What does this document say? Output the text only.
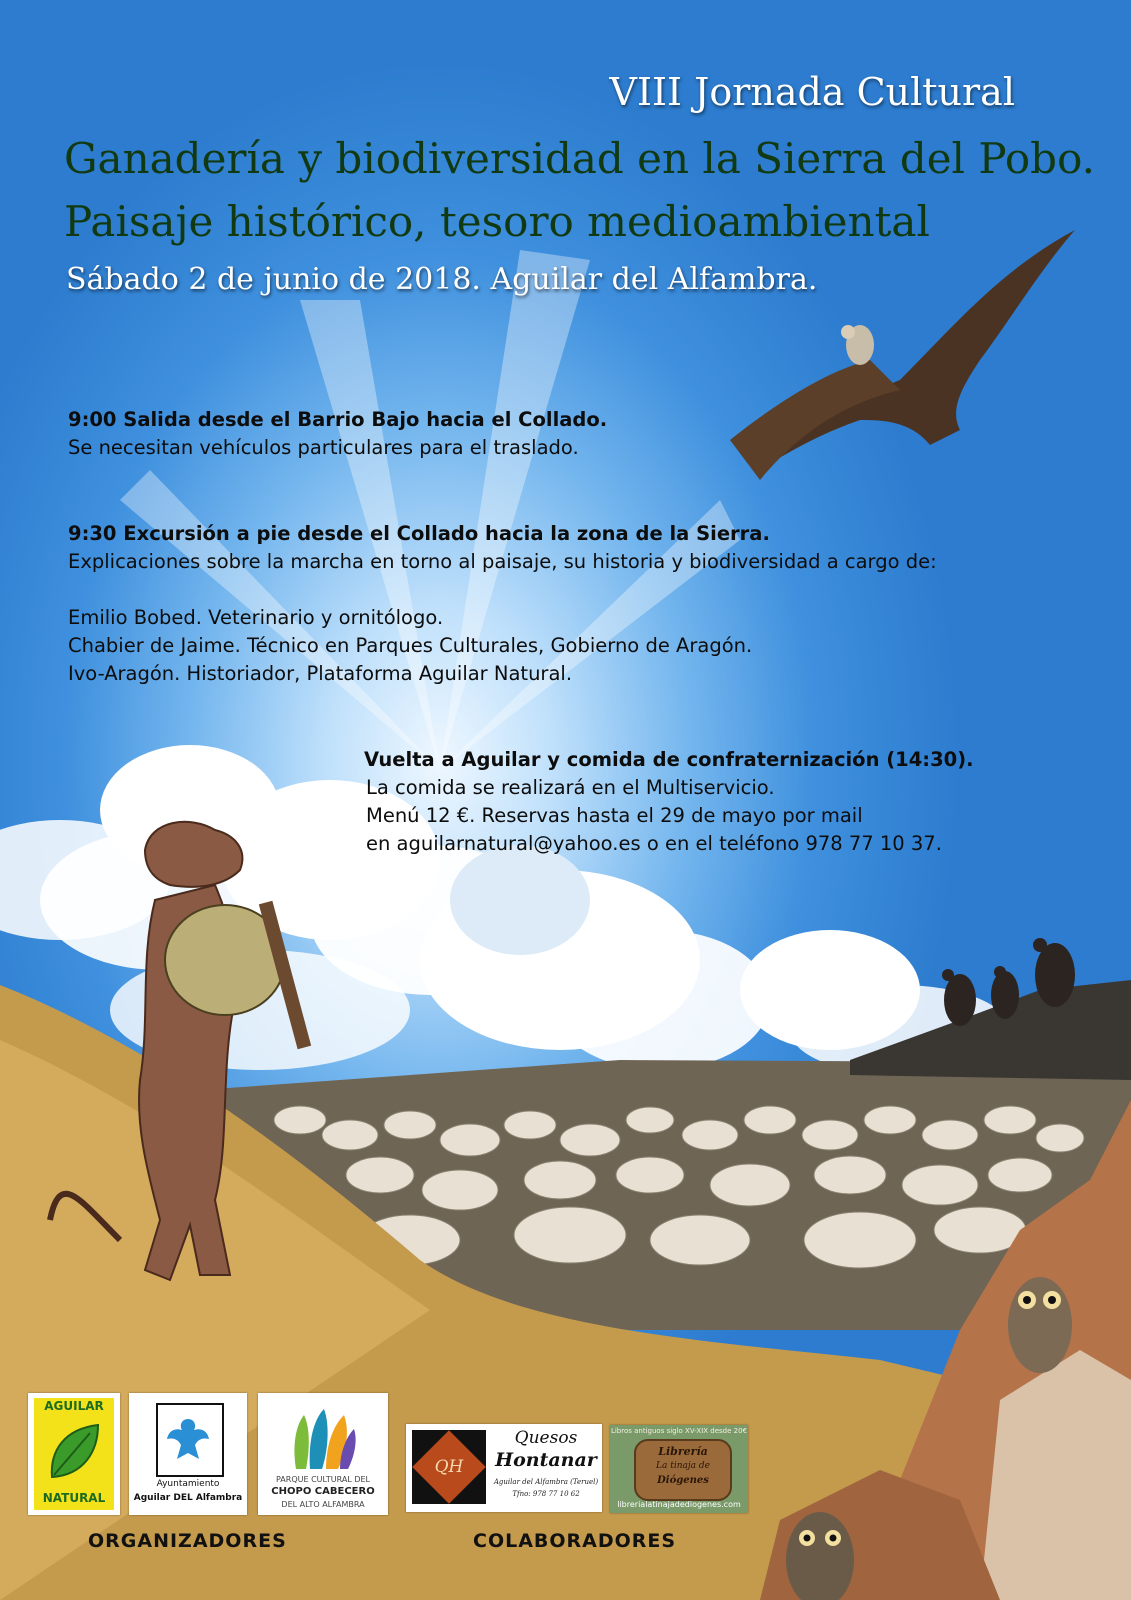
VIII Jornada Cultural

Ganadería y biodiversidad en la Sierra del Pobo.

Paisaje histórico, tesoro medioambiental

Sábado 2 de junio de 2018. Aguilar del Alfambra.

9:00 Salida desde el Barrio Bajo hacia el Collado.

Se necesitan vehículos particulares para el traslado.

9:30 Excursión a pie desde el Collado hacia la zona de la Sierra.

Explicaciones sobre la marcha en torno al paisaje, su historia y biodiversidad a cargo de:

Emilio Bobed. Veterinario y ornitólogo.

Chabier de Jaime. Técnico en Parques Culturales, Gobierno de Aragón.

Ivo-Aragón. Historiador, Plataforma Aguilar Natural.

Vuelta a Aguilar y comida de confraternización (14:30).

La comida se realizará en el Multiservicio.

Menú 12 €. Reservas hasta el 29 de mayo por mail

en aguilarnatural@yahoo.es o en el teléfono 978 77 10 37.

AGUILAR
NATURAL
Ayuntamiento
Aguilar DEL Alfambra
PARQUE CULTURAL DEL
CHOPO CABECERO
DEL ALTO ALFAMBRA
QH
Quesos
Hontanar
Aguilar del Alfambra (Teruel)
Tfno: 978 77 10 62
Libros antiguos siglo XV-XIX desde 20€
Librería
La tinaja de
Diógenes
librerialatinajadediogenes.com
ORGANIZADORES	COLABORADORES
